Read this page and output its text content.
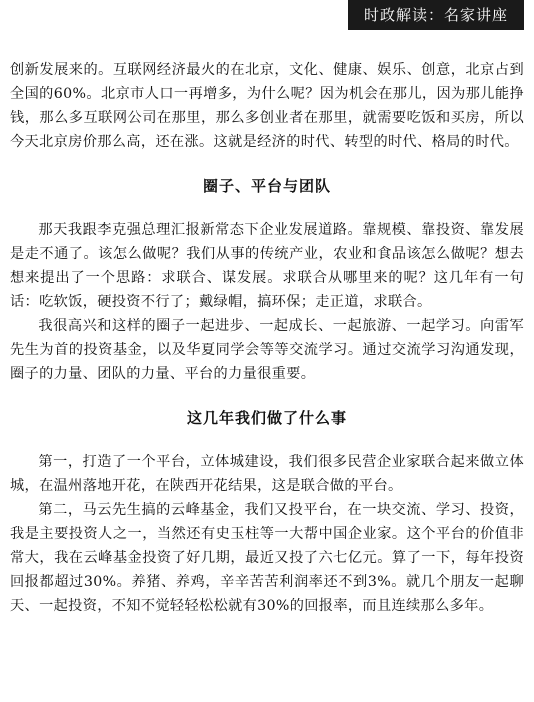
时政解读：名家讲座

创新发展来的。互联网经济最火的在北京，文化、健康、娱乐、创意，北京占到全国的60%。北京市人口一再增多，为什么呢？因为机会在那儿，因为那儿能挣钱，那么多互联网公司在那里，那么多创业者在那里，就需要吃饭和买房，所以今天北京房价那么高，还在涨。这就是经济的时代、转型的时代、格局的时代。

圈子、平台与团队

那天我跟李克强总理汇报新常态下企业发展道路。靠规模、靠投资、靠发展是走不通了。该怎么做呢？我们从事的传统产业，农业和食品该怎么做呢？想去想来提出了一个思路：求联合、谋发展。求联合从哪里来的呢？这几年有一句话：吃软饭，硬投资不行了；戴绿帽，搞环保；走正道，求联合。

我很高兴和这样的圈子一起进步、一起成长、一起旅游、一起学习。向雷军先生为首的投资基金，以及华夏同学会等等交流学习。通过交流学习沟通发现，圈子的力量、团队的力量、平台的力量很重要。

这几年我们做了什么事

第一，打造了一个平台，立体城建设，我们很多民营企业家联合起来做立体城，在温州落地开花，在陕西开花结果，这是联合做的平台。

第二，马云先生搞的云峰基金，我们又投平台，在一块交流、学习、投资，我是主要投资人之一，当然还有史玉柱等一大帮中国企业家。这个平台的价值非常大，我在云峰基金投资了好几期，最近又投了六七亿元。算了一下，每年投资回报都超过30%。养猪、养鸡，辛辛苦苦利润率还不到3%。就几个朋友一起聊天、一起投资，不知不觉轻轻松松就有30%的回报率，而且连续那么多年。
